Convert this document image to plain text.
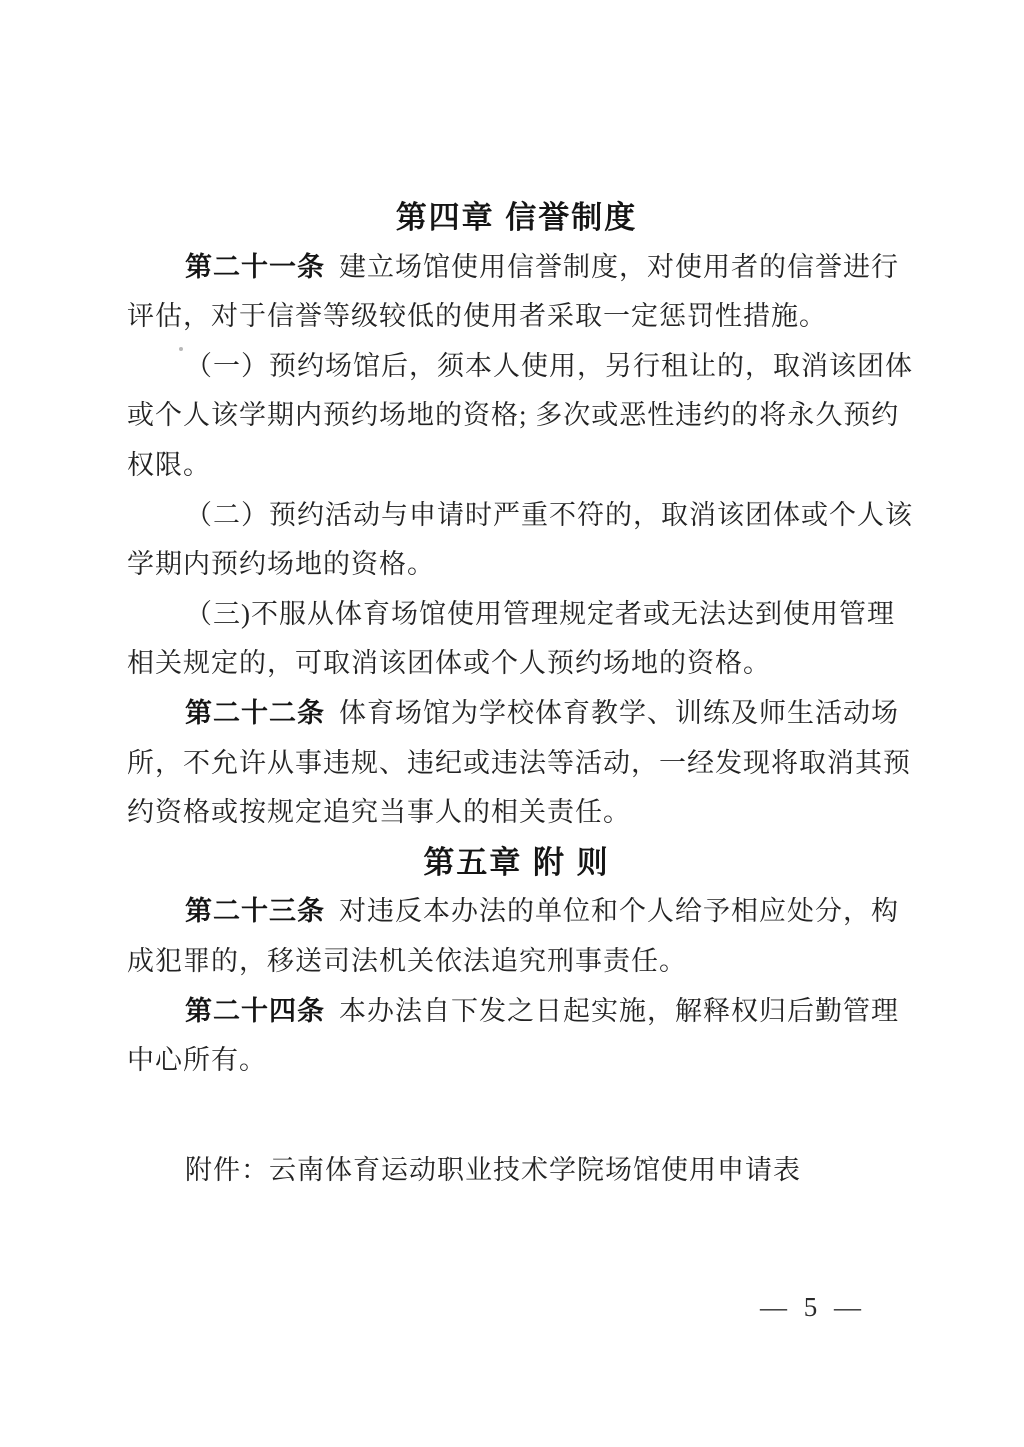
第四章 信誉制度
第二十一条 建立场馆使用信誉制度，对使用者的信誉进行
评估，对于信誉等级较低的使用者采取一定惩罚性措施。
（一）预约场馆后，须本人使用，另行租让的，取消该团体
或个人该学期内预约场地的资格; 多次或恶性违约的将永久预约
权限。
（二）预约活动与申请时严重不符的，取消该团体或个人该
学期内预约场地的资格。
（三)不服从体育场馆使用管理规定者或无法达到使用管理
相关规定的，可取消该团体或个人预约场地的资格。
第二十二条 体育场馆为学校体育教学、训练及师生活动场
所，不允许从事违规、违纪或违法等活动，一经发现将取消其预
约资格或按规定追究当事人的相关责任。
第五章 附 则
第二十三条 对违反本办法的单位和个人给予相应处分，构
成犯罪的，移送司法机关依法追究刑事责任。
第二十四条 本办法自下发之日起实施，解释权归后勤管理
中心所有。
附件：云南体育运动职业技术学院场馆使用申请表
— 5 —
